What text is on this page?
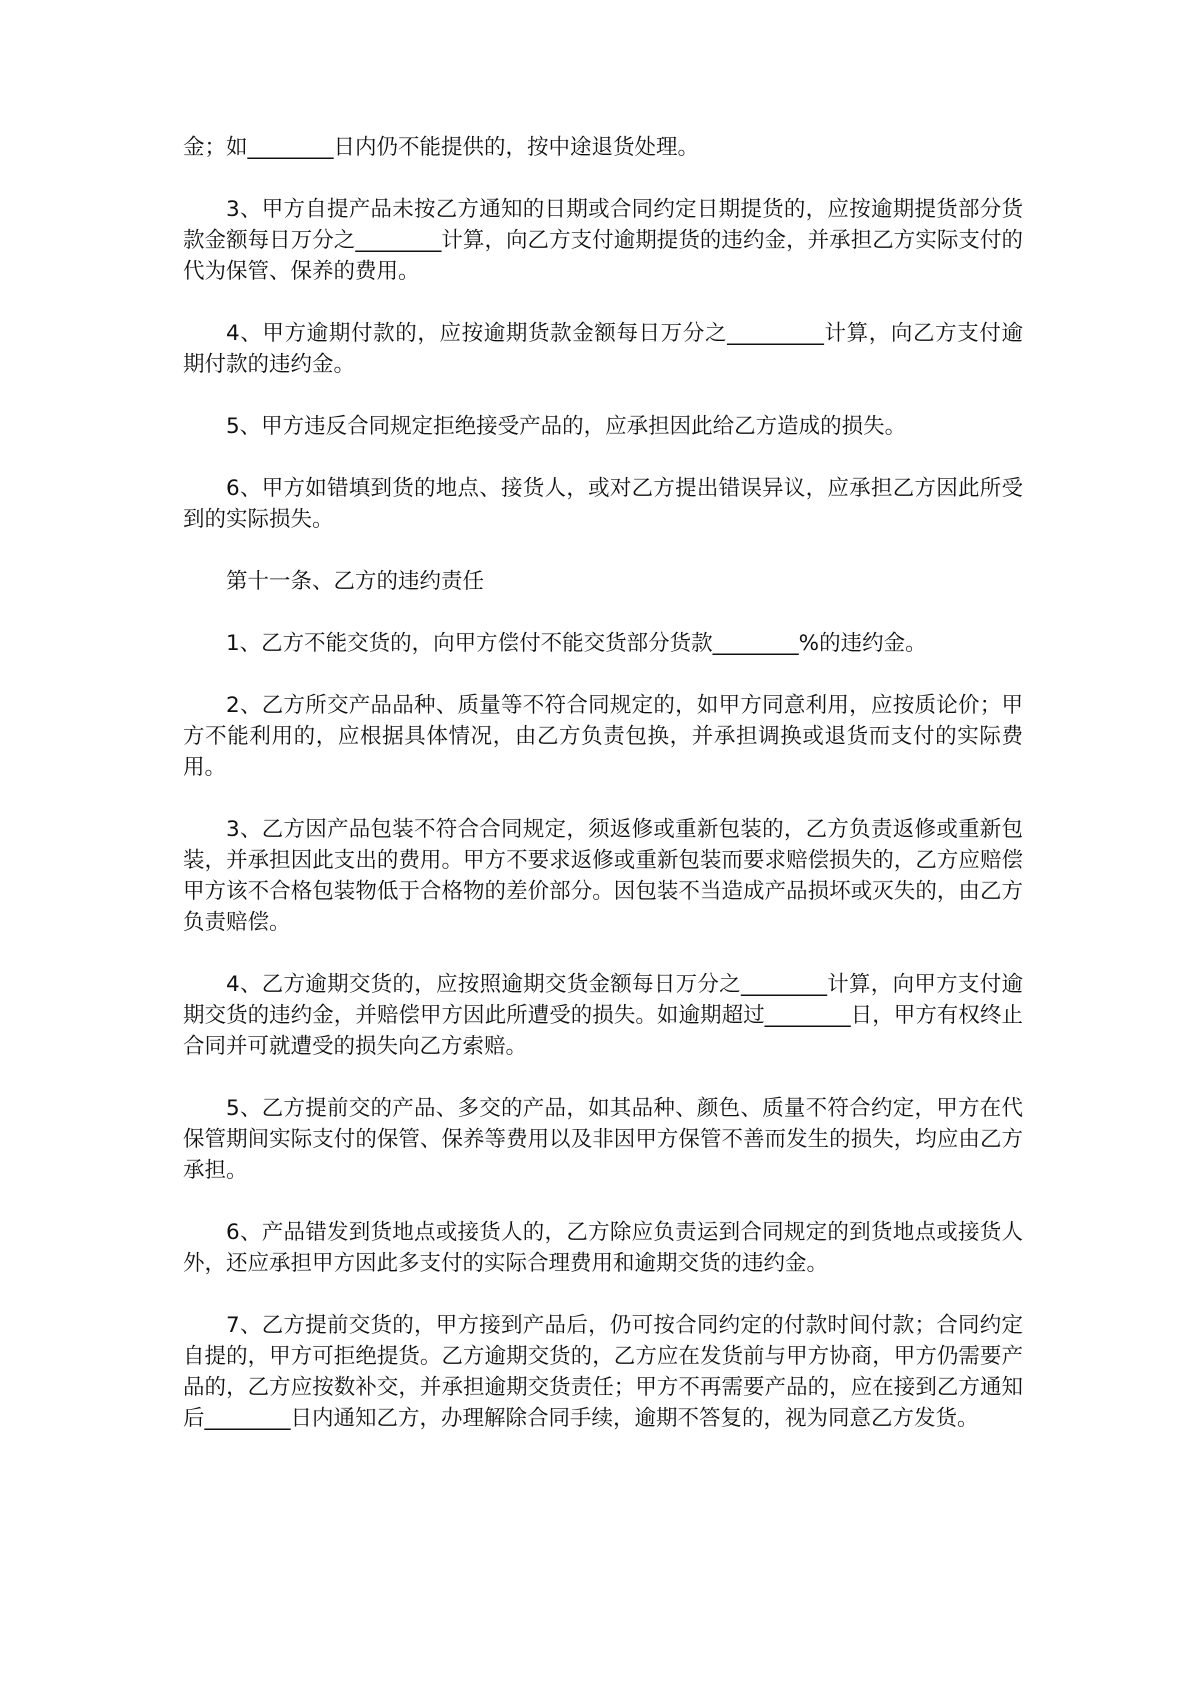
金；如________日内仍不能提供的，按中途退货处理。

3、甲方自提产品未按乙方通知的日期或合同约定日期提货的，应按逾期提货部分货款金额每日万分之________计算，向乙方支付逾期提货的违约金，并承担乙方实际支付的代为保管、保养的费用。

4、甲方逾期付款的，应按逾期货款金额每日万分之_________计算，向乙方支付逾期付款的违约金。

5、甲方违反合同规定拒绝接受产品的，应承担因此给乙方造成的损失。

6、甲方如错填到货的地点、接货人，或对乙方提出错误异议，应承担乙方因此所受到的实际损失。

第十一条、乙方的违约责任

1、乙方不能交货的，向甲方偿付不能交货部分货款________%的违约金。

2、乙方所交产品品种、质量等不符合同规定的，如甲方同意利用，应按质论价；甲方不能利用的，应根据具体情况，由乙方负责包换，并承担调换或退货而支付的实际费用。

3、乙方因产品包装不符合合同规定，须返修或重新包装的，乙方负责返修或重新包装，并承担因此支出的费用。甲方不要求返修或重新包装而要求赔偿损失的，乙方应赔偿甲方该不合格包装物低于合格物的差价部分。因包装不当造成产品损坏或灭失的，由乙方负责赔偿。

4、乙方逾期交货的，应按照逾期交货金额每日万分之________计算，向甲方支付逾期交货的违约金，并赔偿甲方因此所遭受的损失。如逾期超过________日，甲方有权终止合同并可就遭受的损失向乙方索赔。

5、乙方提前交的产品、多交的产品，如其品种、颜色、质量不符合约定，甲方在代保管期间实际支付的保管、保养等费用以及非因甲方保管不善而发生的损失，均应由乙方承担。

6、产品错发到货地点或接货人的，乙方除应负责运到合同规定的到货地点或接货人外，还应承担甲方因此多支付的实际合理费用和逾期交货的违约金。

7、乙方提前交货的，甲方接到产品后，仍可按合同约定的付款时间付款；合同约定自提的，甲方可拒绝提货。乙方逾期交货的，乙方应在发货前与甲方协商，甲方仍需要产品的，乙方应按数补交，并承担逾期交货责任；甲方不再需要产品的，应在接到乙方通知后________日内通知乙方，办理解除合同手续，逾期不答复的，视为同意乙方发货。
